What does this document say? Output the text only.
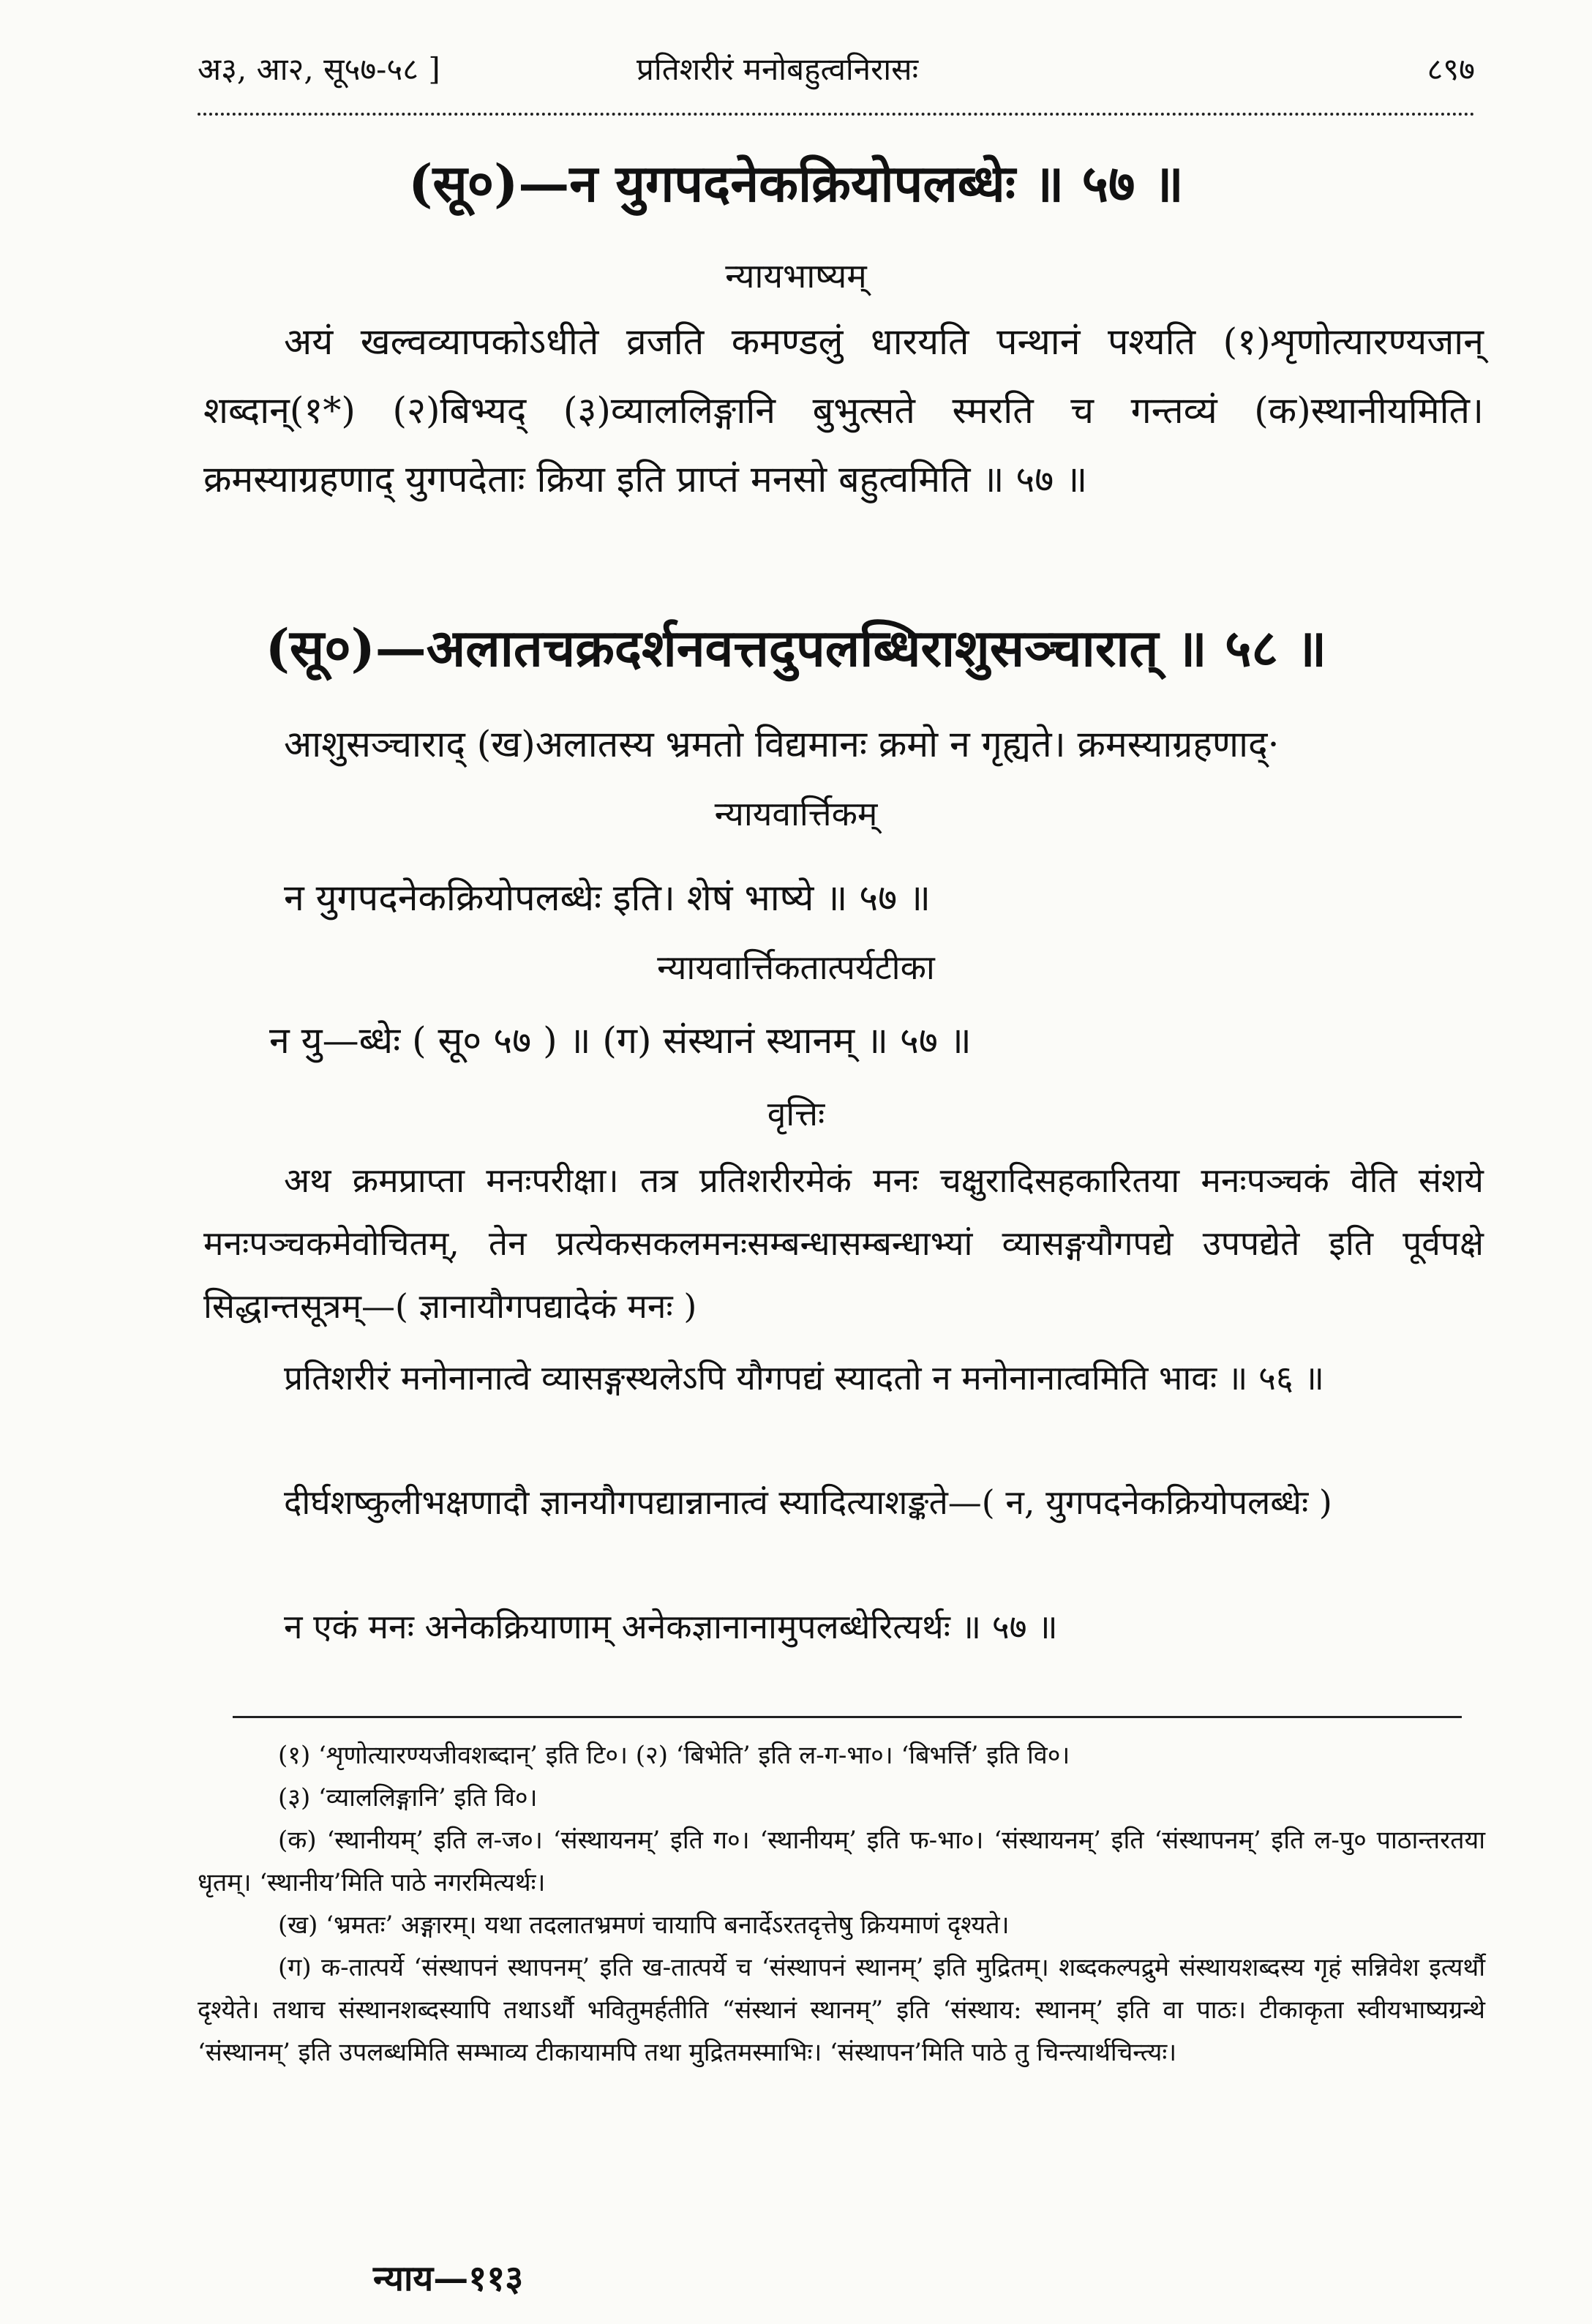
अ३, आ२, सू५७-५८ ]	प्रतिशरीरं मनोबहुत्वनिरासः	८९७
(सू०)—न युगपदनेकक्रियोपलब्धेः ॥ ५७ ॥
न्यायभाष्यम्

अयं खल्वव्यापकोऽधीते व्रजति कमण्डलुं धारयति पन्थानं पश्यति (१)शृणोत्यारण्यजान् शब्दान्(१*) (२)बिभ्यद् (३)व्याललिङ्गानि बुभुत्सते स्मरति च गन्तव्यं (क)स्थानीयमिति। क्रमस्याग्रहणाद् युगपदेताः क्रिया इति प्राप्तं मनसो बहुत्वमिति ॥ ५७ ॥

(सू०)—अलातचक्रदर्शनवत्तदुपलब्धिराशुसञ्चारात् ॥ ५८ ॥

आशुसञ्चाराद् (ख)अलातस्य भ्रमतो विद्यमानः क्रमो न गृह्यते। क्रमस्याग्रहणाद्·

न्यायवार्त्तिकम्

न युगपदनेकक्रियोपलब्धेः इति। शेषं भाष्ये ॥ ५७ ॥

न्यायवार्त्तिकतात्पर्यटीका

न यु—ब्धेः ( सू० ५७ ) ॥ (ग) संस्थानं स्थानम् ॥ ५७ ॥

वृत्तिः

अथ क्रमप्राप्ता मनःपरीक्षा। तत्र प्रतिशरीरमेकं मनः चक्षुरादिसहकारितया मनःपञ्चकं वेति संशये मनःपञ्चकमेवोचितम्, तेन प्रत्येकसकलमनःसम्बन्धासम्बन्धाभ्यां व्यासङ्गयौगपद्ये उपपद्येते इति पूर्वपक्षे सिद्धान्तसूत्रम्—( ज्ञानायौगपद्यादेकं मनः )

प्रतिशरीरं मनोनानात्वे व्यासङ्गस्थलेऽपि यौगपद्यं स्यादतो न मनोनानात्वमिति भावः ॥ ५६ ॥

दीर्घशष्कुलीभक्षणादौ ज्ञानयौगपद्यान्नानात्वं स्यादित्याशङ्कते—( न, युगपदनेकक्रियोपलब्धेः )

न एकं मनः अनेकक्रियाणाम् अनेकज्ञानानामुपलब्धेरित्यर्थः ॥ ५७ ॥

(१) ‘शृणोत्यारण्यजीवशब्दान्’ इति टि०। (२) ‘बिभेति’ इति ल-ग-भा०। ‘बिभर्त्ति’ इति वि०।

(३) ‘व्याललिङ्गानि’ इति वि०।

(क) ‘स्थानीयम्’ इति ल-ज०। ‘संस्थायनम्’ इति ग०। ‘स्थानीयम्’ इति फ-भा०। ‘संस्थायनम्’ इति ‘संस्थापनम्’ इति ल-पु० पाठान्तरतया धृतम्। ‘स्थानीय’मिति पाठे नगरमित्यर्थः।

(ख) ‘भ्रमतः’ अङ्गारम्। यथा तदलातभ्रमणं चायापि बनार्देऽरतदृत्तेषु क्रियमाणं दृश्यते।

(ग) क-तात्पर्ये ‘संस्थापनं स्थापनम्’ इति ख-तात्पर्ये च ‘संस्थापनं स्थानम्’ इति मुद्रितम्। शब्दकल्पद्रुमे संस्थायशब्दस्य गृहं सन्निवेश इत्यर्थौ दृश्येते। तथाच संस्थानशब्दस्यापि तथाऽर्थौ भवितुमर्हतीति “संस्थानं स्थानम्” इति ‘संस्थाय: स्थानम्’ इति वा पाठः। टीकाकृता स्वीयभाष्यग्रन्थे ‘संस्थानम्’ इति उपलब्धमिति सम्भाव्य टीकायामपि तथा मुद्रितमस्माभिः। ‘संस्थापन’मिति पाठे तु चिन्त्यार्थचिन्त्यः।

न्याय—११३
